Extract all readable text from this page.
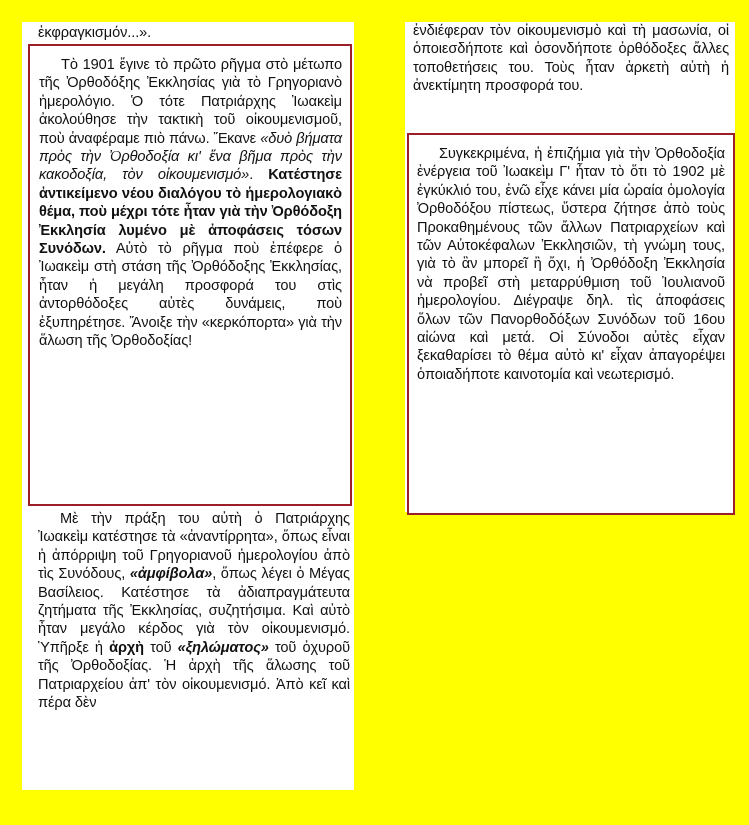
ἐκφραγκισμόν...».

Τὸ 1901 ἔγινε τὸ πρῶτο ρῆγμα στὸ μέτωπο τῆς Ὀρθοδόξης Ἐκκλησίας γιὰ τὸ Γρηγοριανὸ ἡμερολόγιο. Ὁ τότε Πατριάρχης Ἰωακεὶμ ἀκολούθησε τὴν τακτικὴ τοῦ οἰκουμενισμοῦ, ποὺ ἀναφέραμε πιὸ πάνω. Ἔκανε «δυὸ βήματα πρὸς τὴν Ὀρθοδοξία κι' ἕνα βῆμα πρὸς τὴν κακοδοξία, τὸν οἰκουμενισμό». Κατέστησε ἀντικείμενο νέου διαλόγου τὸ ἡμερολογιακὸ θέμα, ποὺ μέχρι τότε ἦταν γιὰ τὴν Ὀρθόδοξη Ἐκκλησία λυμένο μὲ ἀποφάσεις τόσων Συνόδων. Αὐτὸ τὸ ρῆγμα ποὺ ἐπέφερε ὁ Ἰωακεὶμ στὴ στάση τῆς Ὀρθόδοξης Ἐκκλησίας, ἦταν ἡ μεγάλη προσφορά του στὶς ἀντορθόδοξες αὐτὲς δυνάμεις, ποὺ ἐξυπηρέτησε. Ἄνοιξε τὴν «κερκόπορτα» γιὰ τὴν ἅλωση τῆς Ὀρθοδοξίας!

Μὲ τὴν πράξη του αὐτὴ ὁ Πατριάρχης Ἰωακεὶμ κατέστησε τὰ «ἀναντίρρητα», ὅπως εἶναι ἡ ἀπόρριψη τοῦ Γρηγοριανοῦ ἡμερολογίου ἀπὸ τὶς Συνόδους, «ἀμφίβολα», ὅπως λέγει ὁ Μέγας Βασίλειος. Κατέστησε τὰ ἀδιαπραγμάτευτα ζητήματα τῆς Ἐκκλησίας, συζητήσιμα. Καὶ αὐτὸ ἦταν μεγάλο κέρδος γιὰ τὸν οἰκουμενισμό. Ὑπῆρξε ἡ ἀρχὴ τοῦ «ξηλώματος» τοῦ ὀχυροῦ τῆς Ὀρθοδοξίας. Ἡ ἀρχὴ τῆς ἅλωσης τοῦ Πατριαρχείου ἀπ' τὸν οἰκουμενισμό. Ἀπὸ κεῖ καὶ πέρα δὲν

ἐνδιέφεραν τὸν οἰκουμενισμὸ καὶ τὴ μασωνία, οἱ ὁποιεσδήποτε καὶ ὁσονδήποτε ὀρθόδοξες ἄλλες τοποθετήσεις του. Τοὺς ἦταν ἀρκετὴ αὐτὴ ἡ ἀνεκτίμητη προσφορά του.

Συγκεκριμένα, ἡ ἐπιζήμια γιὰ τὴν Ὀρθοδοξία ἐνέργεια τοῦ Ἰωακεὶμ Γ' ἦταν τὸ ὅτι τὸ 1902 μὲ ἐγκύκλιό του, ἐνῶ εἶχε κάνει μία ὡραία ὁμολογία Ὀρθοδόξου πίστεως, ὕστερα ζήτησε ἀπὸ τοὺς Προκαθημένους τῶν ἄλλων Πατριαρχείων καὶ τῶν Αὐτοκέφαλων Ἐκκλησιῶν, τὴ γνώμη τους, γιὰ τὸ ἂν μπορεῖ ἢ ὄχι, ἡ Ὀρθόδοξη Ἐκκλησία νὰ προβεῖ στὴ μεταρρύθμιση τοῦ Ἰουλιανοῦ ἡμερολογίου. Διέγραψε δηλ. τὶς ἀποφάσεις ὅλων τῶν Πανορθοδόξων Συνόδων τοῦ 16ου αἰώνα καὶ μετά. Οἱ Σύνοδοι αὐτὲς εἶχαν ξεκαθαρίσει τὸ θέμα αὐτὸ κι' εἶχαν ἀπαγορέψει ὁποιαδήποτε καινοτομία καὶ νεωτερισμό.
